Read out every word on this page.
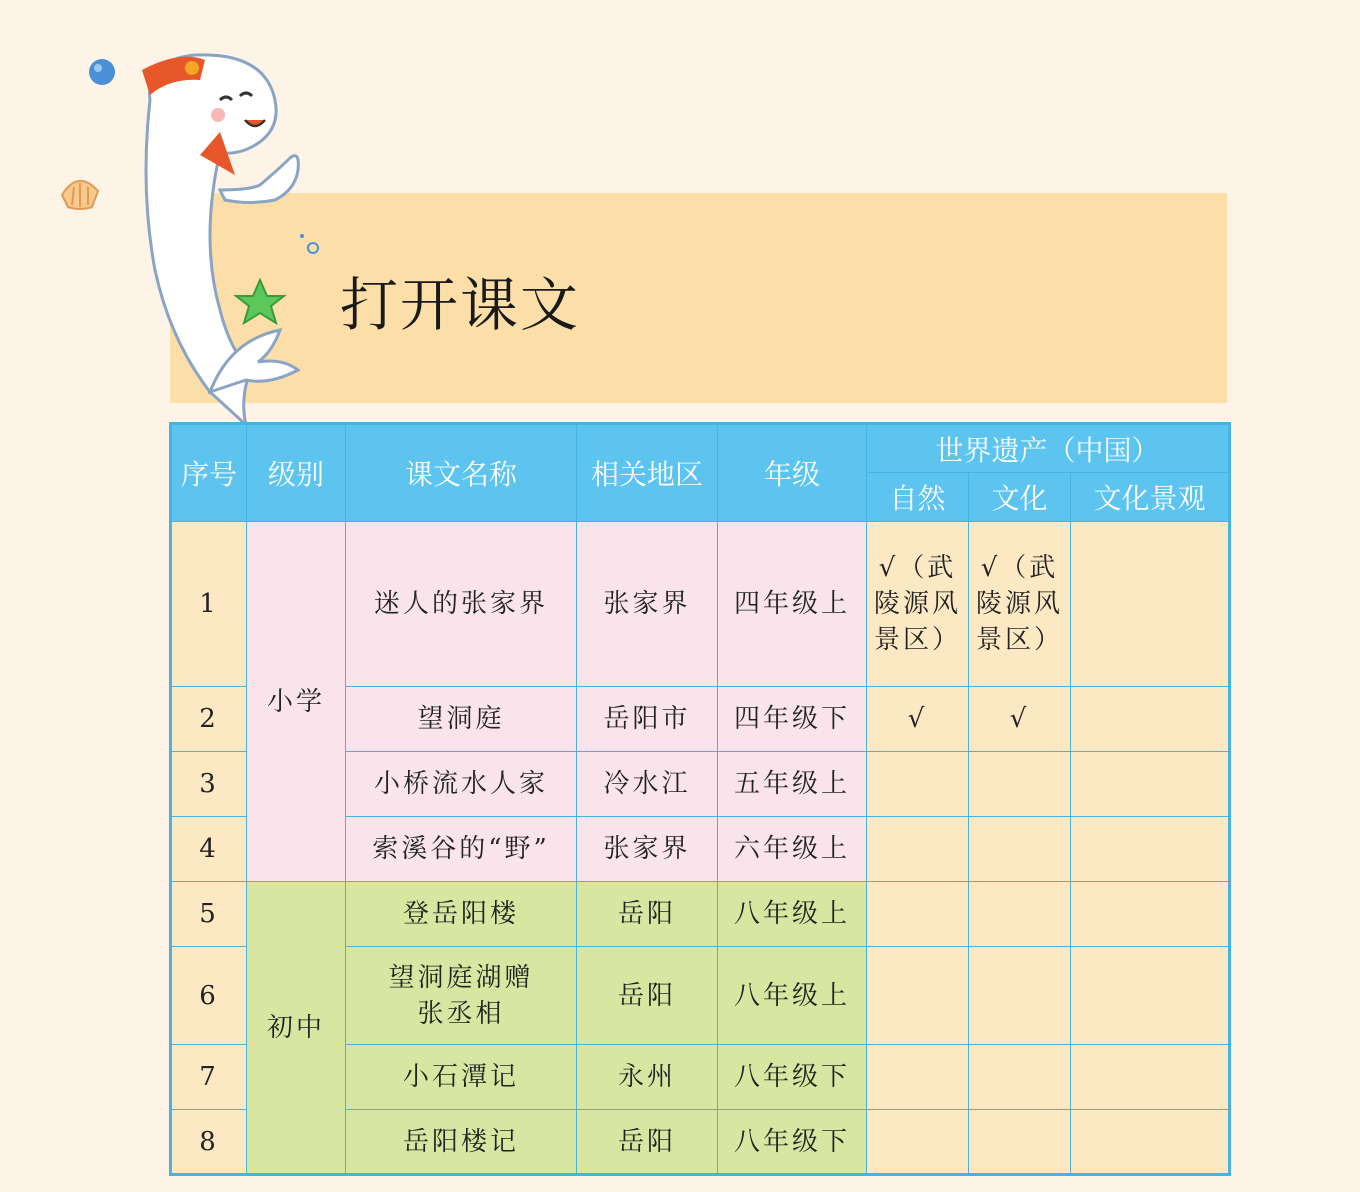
打开课文
序号	级别	课文名称	相关地区	年级	世界遗产（中国）		
					自然	文化	文化景观
1	小学	迷人的张家界	张家界	四年级上	√（武陵源风景区）	√（武陵源风景区）	
2		望洞庭	岳阳市	四年级下	√	√	
3		小桥流水人家	冷水江	五年级上			
4		索溪谷的“野”	张家界	六年级上			
5	初中	登岳阳楼	岳阳	八年级上			
6		望洞庭湖赠张丞相	岳阳	八年级上			
7		小石潭记	永州	八年级下			
8		岳阳楼记	岳阳	八年级下			
